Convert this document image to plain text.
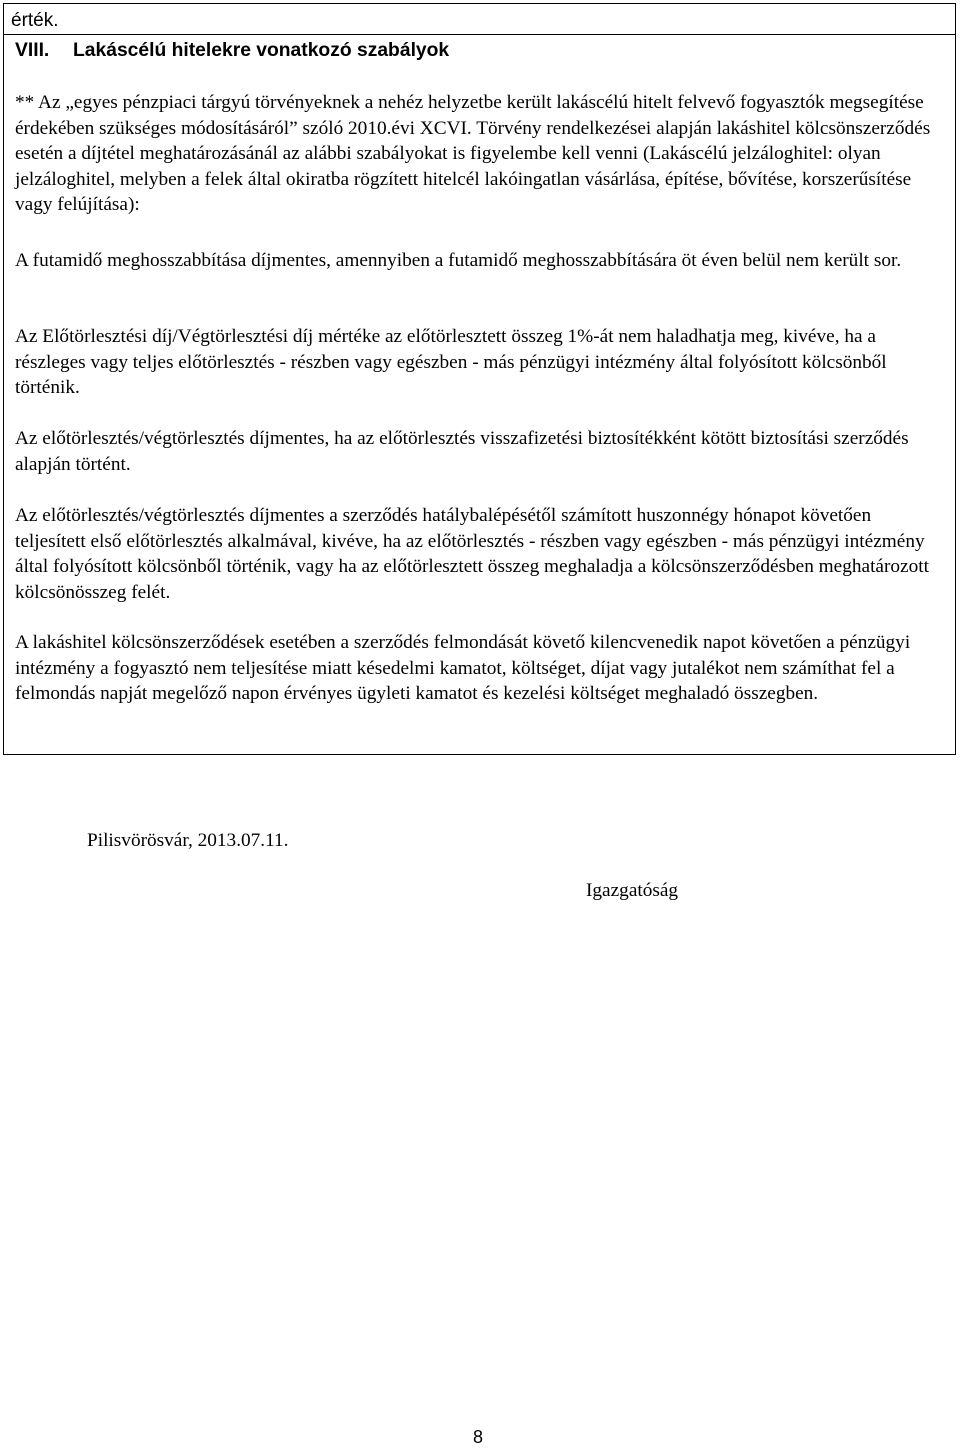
érték.
VIII. Lakáscélú hitelekre vonatkozó szabályok

** Az „egyes pénzpiaci tárgyú törvényeknek a nehéz helyzetbe került lakáscélú hitelt felvevő fogyasztók megsegítése érdekében szükséges módosításáról” szóló 2010.évi XCVI. Törvény rendelkezései alapján lakáshitel kölcsönszerződés esetén a díjtétel meghatározásánál az alábbi szabályokat is figyelembe kell venni (Lakáscélú jelzáloghitel: olyan jelzáloghitel, melyben a felek által okiratba rögzített hitelcél lakóingatlan vásárlása, építése, bővítése, korszerűsítése vagy felújítása):

A futamidő meghosszabbítása díjmentes, amennyiben a futamidő meghosszabbítására öt éven belül nem került sor.

Az Előtörlesztési díj/Végtörlesztési díj mértéke az előtörlesztett összeg 1%-át nem haladhatja meg, kivéve, ha a részleges vagy teljes előtörlesztés - részben vagy egészben - más pénzügyi intézmény által folyósított kölcsönből történik.

Az előtörlesztés/végtörlesztés díjmentes, ha az előtörlesztés visszafizetési biztosítékként kötött biztosítási szerződés alapján történt.

Az előtörlesztés/végtörlesztés díjmentes a szerződés hatálybalépésétől számított huszonnégy hónapot követően teljesített első előtörlesztés alkalmával, kivéve, ha az előtörlesztés - részben vagy egészben - más pénzügyi intézmény által folyósított kölcsönből történik, vagy ha az előtörlesztett összeg meghaladja a kölcsönszerződésben meghatározott kölcsönösszeg felét.

A lakáshitel kölcsönszerződések esetében a szerződés felmondását követő kilencvenedik napot követően a pénzügyi intézmény a fogyasztó nem teljesítése miatt késedelmi kamatot, költséget, díjat vagy jutalékot nem számíthat fel a felmondás napját megelőző napon érvényes ügyleti kamatot és kezelési költséget meghaladó összegben.

Pilisvörösvár, 2013.07.11.
Igazgatóság
8
